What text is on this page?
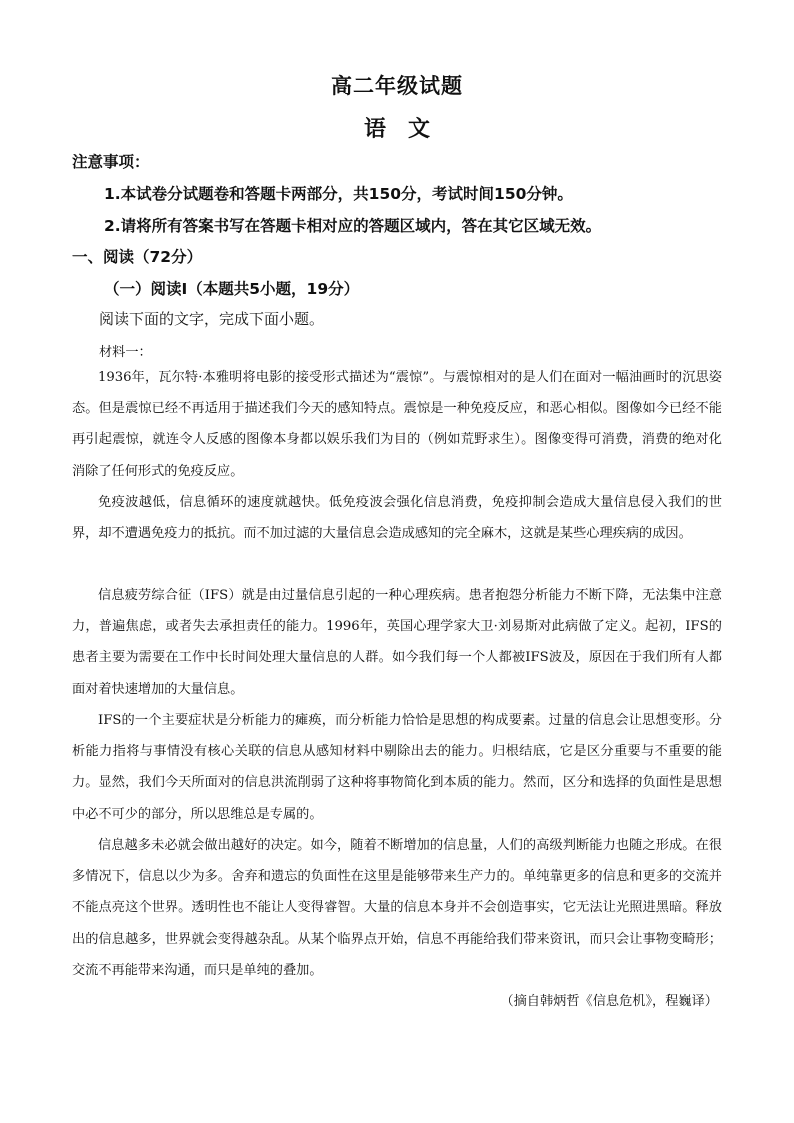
高二年级试题
语 文
注意事项：
1.本试卷分试题卷和答题卡两部分，共150分，考试时间150分钟。
2.请将所有答案书写在答题卡相对应的答题区域内，答在其它区域无效。
一、阅读（72分）
（一）阅读Ⅰ（本题共5小题，19分）
阅读下面的文字，完成下面小题。
材料一：

1936年，瓦尔特·本雅明将电影的接受形式描述为“震惊”。与震惊相对的是人们在面对一幅油画时的沉思姿态。但是震惊已经不再适用于描述我们今天的感知特点。震惊是一种免疫反应，和恶心相似。图像如今已经不能再引起震惊，就连令人反感的图像本身都以娱乐我们为目的（例如荒野求生）。图像变得可消费，消费的绝对化消除了任何形式的免疫反应。

免疫波越低，信息循环的速度就越快。低免疫波会强化信息消费，免疫抑制会造成大量信息侵入我们的世界，却不遭遇免疫力的抵抗。而不加过滤的大量信息会造成感知的完全麻木，这就是某些心理疾病的成因。

信息疲劳综合征（IFS）就是由过量信息引起的一种心理疾病。患者抱怨分析能力不断下降，无法集中注意力，普遍焦虑，或者失去承担责任的能力。1996年，英国心理学家大卫·刘易斯对此病做了定义。起初，IFS的患者主要为需要在工作中长时间处理大量信息的人群。如今我们每一个人都被IFS波及，原因在于我们所有人都面对着快速增加的大量信息。

IFS的一个主要症状是分析能力的瘫痪，而分析能力恰恰是思想的构成要素。过量的信息会让思想变形。分析能力指将与事情没有核心关联的信息从感知材料中剔除出去的能力。归根结底，它是区分重要与不重要的能力。显然，我们今天所面对的信息洪流削弱了这种将事物简化到本质的能力。然而，区分和选择的负面性是思想中必不可少的部分，所以思维总是专属的。

信息越多未必就会做出越好的决定。如今，随着不断增加的信息量，人们的高级判断能力也随之形成。在很多情况下，信息以少为多。舍弃和遗忘的负面性在这里是能够带来生产力的。单纯靠更多的信息和更多的交流并不能点亮这个世界。透明性也不能让人变得睿智。大量的信息本身并不会创造事实，它无法让光照进黑暗。释放出的信息越多，世界就会变得越杂乱。从某个临界点开始，信息不再能给我们带来资讯，而只会让事物变畸形；交流不再能带来沟通，而只是单纯的叠加。

（摘自韩炳哲《信息危机》，程巍译）
